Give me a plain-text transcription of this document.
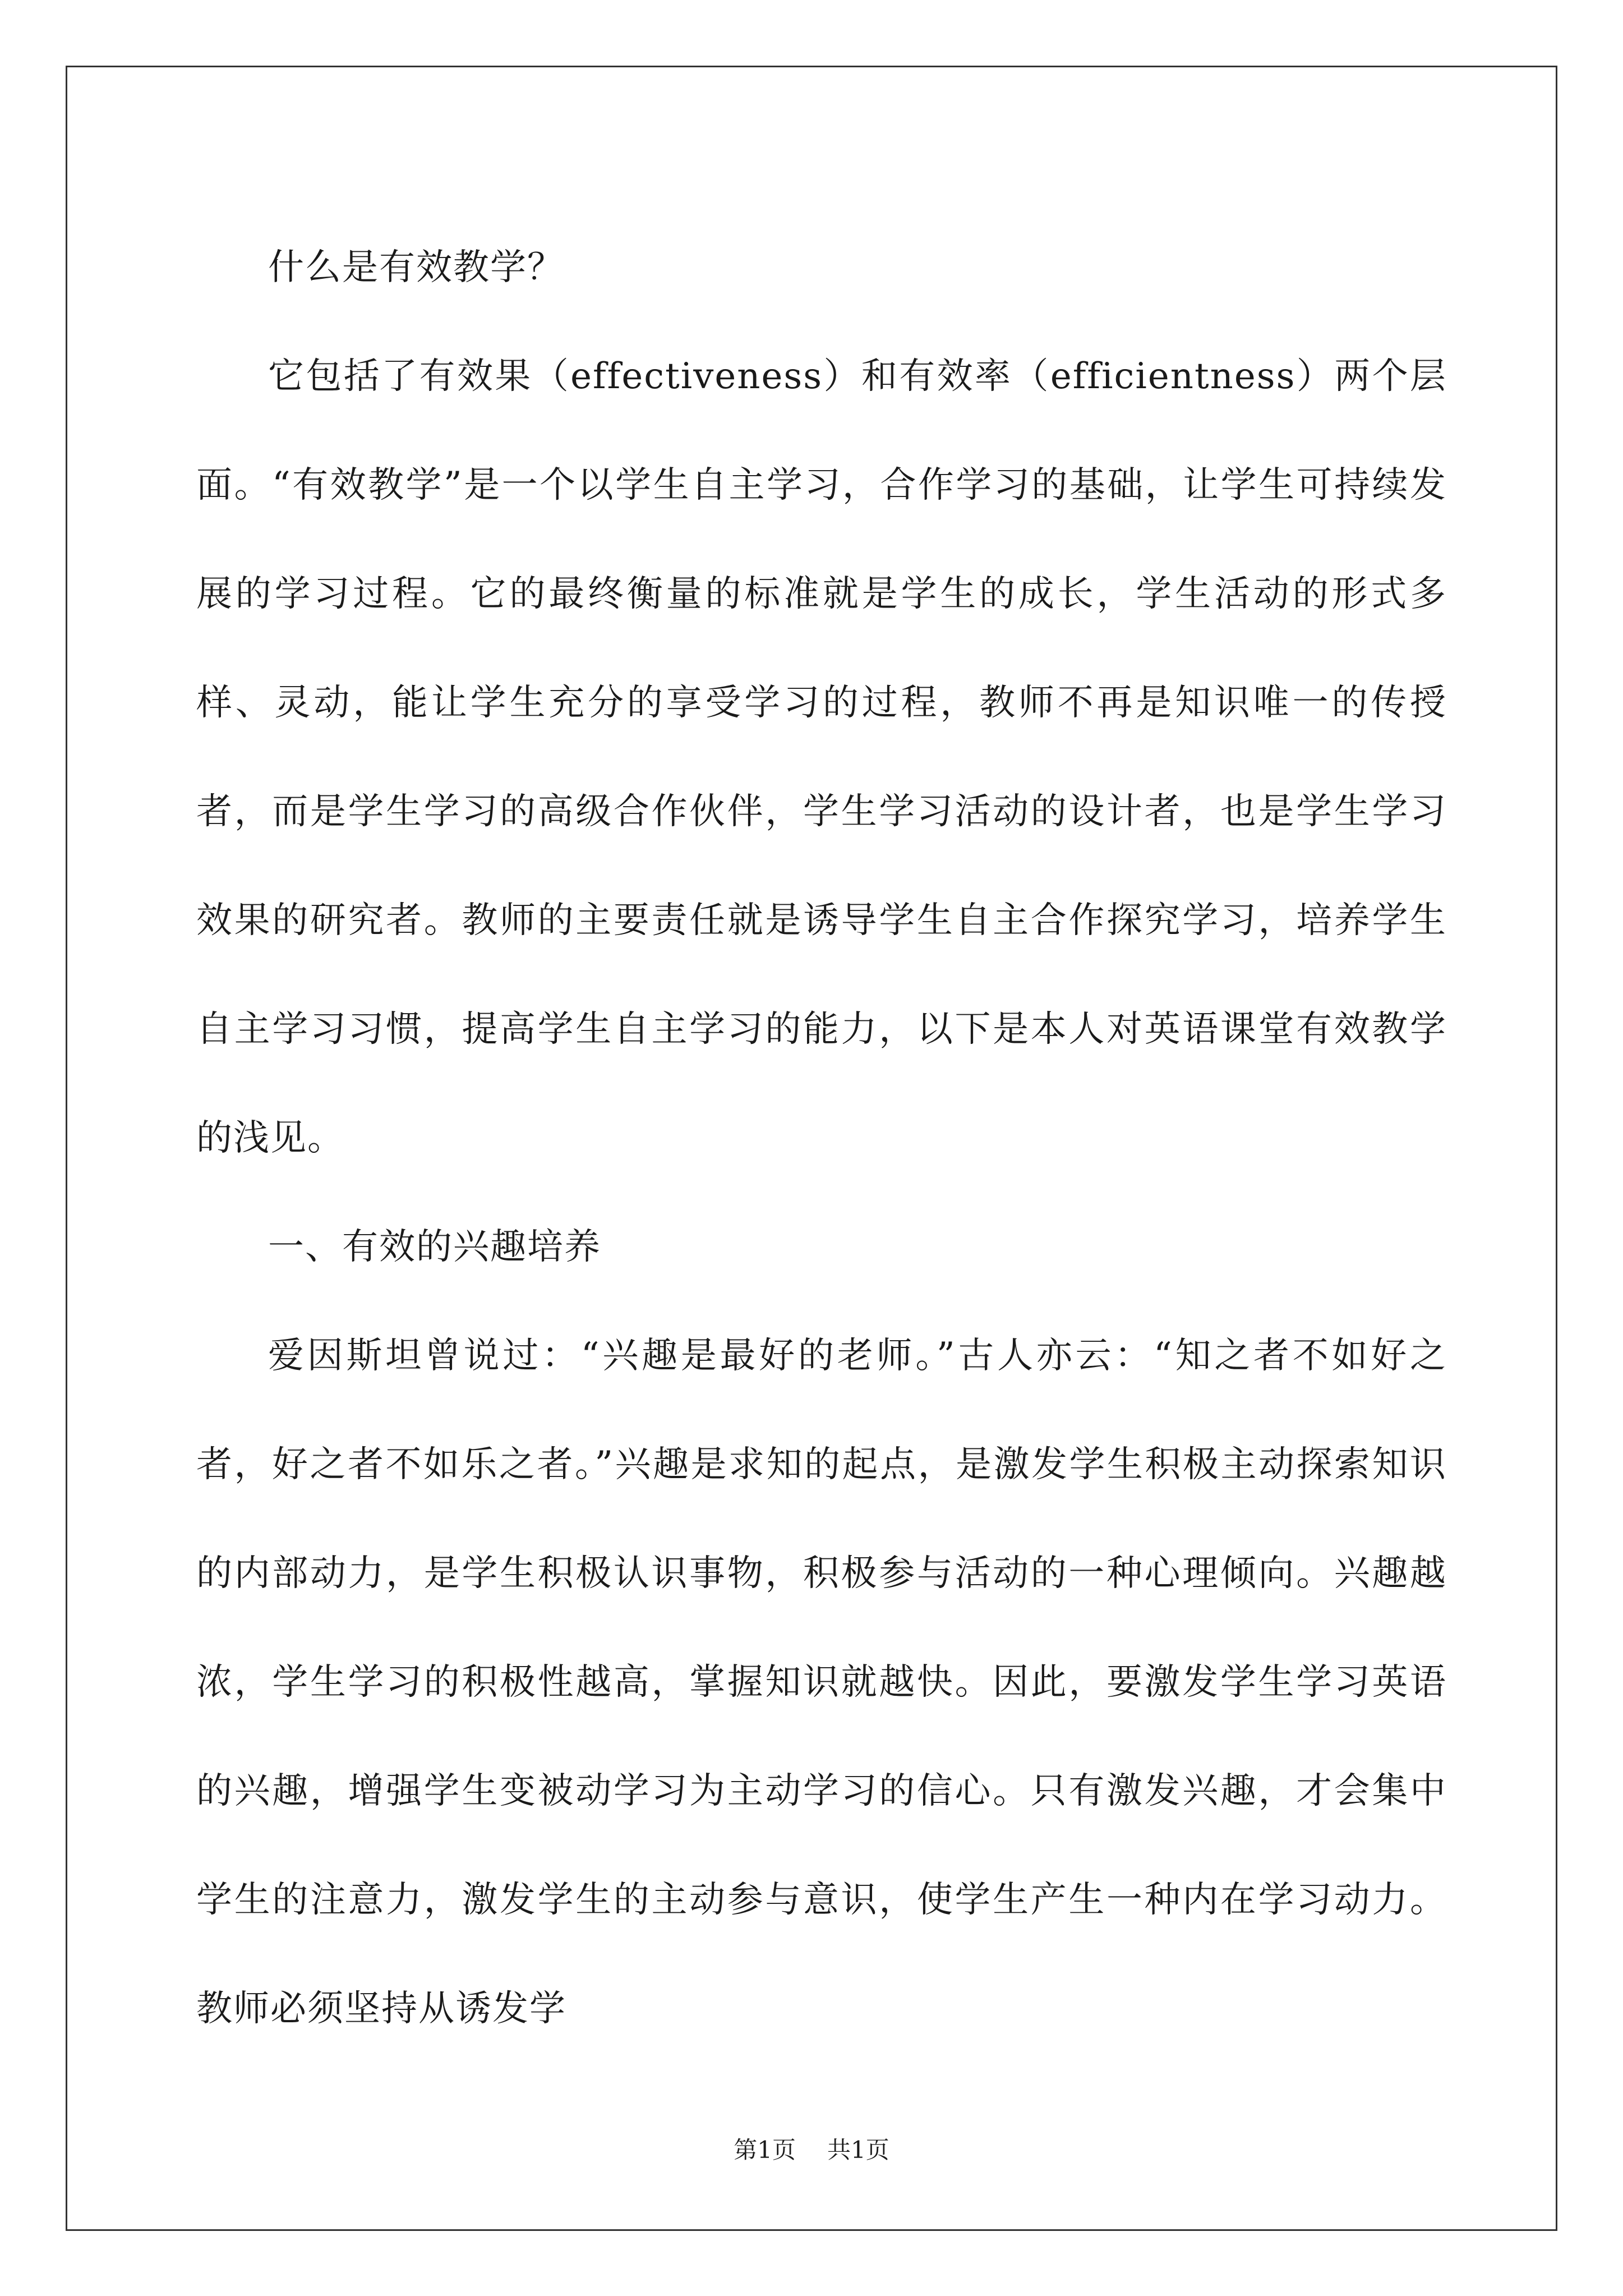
什么是有效教学？

它包括了有效果（effectiveness）和有效率（efficientness）两个层面。“有效教学”是一个以学生自主学习，合作学习的基础，让学生可持续发展的学习过程。它的最终衡量的标准就是学生的成长，学生活动的形式多样、灵动，能让学生充分的享受学习的过程，教师不再是知识唯一的传授者，而是学生学习的高级合作伙伴，学生学习活动的设计者，也是学生学习效果的研究者。教师的主要责任就是诱导学生自主合作探究学习，培养学生自主学习习惯，提高学生自主学习的能力，以下是本人对英语课堂有效教学的浅见。

一、有效的兴趣培养

爱因斯坦曾说过：“兴趣是最好的老师。”古人亦云：“知之者不如好之者，好之者不如乐之者。”兴趣是求知的起点，是激发学生积极主动探索知识的内部动力，是学生积极认识事物，积极参与活动的一种心理倾向。兴趣越浓，学生学习的积极性越高，掌握知识就越快。因此，要激发学生学习英语的兴趣，增强学生变被动学习为主动学习的信心。只有激发兴趣，才会集中学生的注意力，激发学生的主动参与意识，使学生产生一种内在学习动力。教师必须坚持从诱发学

第1页 共1页
